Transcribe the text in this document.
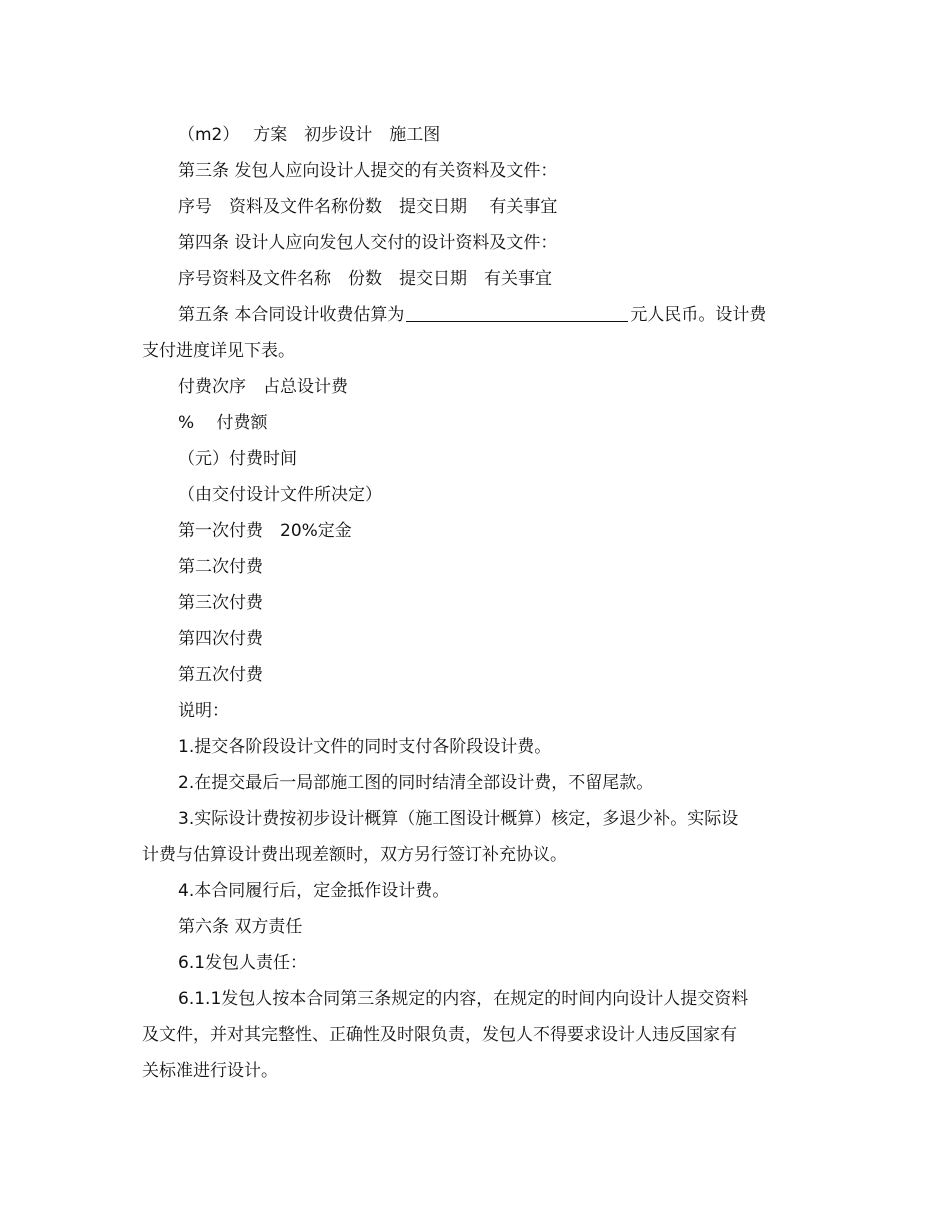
（m2）　 方案　初步设计　施工图
第三条 发包人应向设计人提交的有关资料及文件：
序号　资料及文件名称份数　提交日期　 有关事宜
第四条 设计人应向发包人交付的设计资料及文件：
序号资料及文件名称　份数　提交日期　有关事宜
第五条 本合同设计收费估算为	元人民币。设计费
支付进度详见下表。
付费次序　占总设计费
%　 付费额
（元）付费时间
（由交付设计文件所决定）
第一次付费　20%定金
第二次付费
第三次付费
第四次付费
第五次付费
说明：
1.提交各阶段设计文件的同时支付各阶段设计费。
2.在提交最后一局部施工图的同时结清全部设计费，不留尾款。
3.实际设计费按初步设计概算（施工图设计概算）核定，多退少补。实际设
计费与估算设计费出现差额时，双方另行签订补充协议。
4.本合同履行后，定金抵作设计费。
第六条 双方责任
6.1发包人责任：
6.1.1发包人按本合同第三条规定的内容，在规定的时间内向设计人提交资料
及文件，并对其完整性、正确性及时限负责，发包人不得要求设计人违反国家有
关标准进行设计。
